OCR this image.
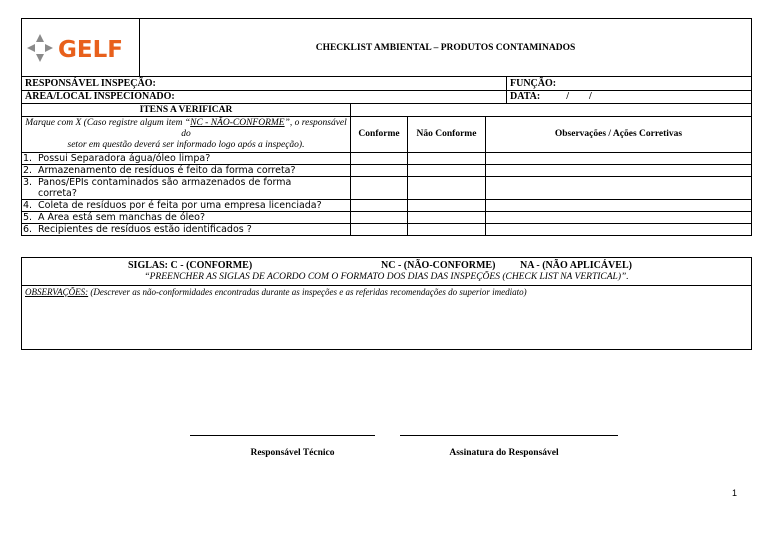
GELF	CHECKLIST AMBIENTAL – PRODUTOS CONTAMINADOS
RESPONSÁVEL INSPEÇÃO:	FUNÇÃO:
ÁREA/LOCAL INSPECIONADO:	DATA: / /
ITENS A VERIFICAR			
Marque com X (Caso registre algum item “NC - NÃO-CONFORME”, o responsável do
setor em questão deverá ser informado logo após a inspeção).	Conforme	Não Conforme	Observações / Ações Corretivas
1. Possui Separadora água/óleo limpa?			
2. Armazenamento de resíduos é feito da forma correta?			
3. Panos/EPIs contaminados são armazenados de forma
correta?			

4. Coleta de resíduos por é feita por uma empresa licenciada?			
5. A Área está sem manchas de óleo?			
6. Recipientes de resíduos estão identificados ?			
SIGLAS: C - (CONFORME)	NC - (NÃO-CONFORME) NA - (NÃO APLICÁVEL)
“PREENCHER AS SIGLAS DE ACORDO COM O FORMATO DOS DIAS DAS INSPEÇÕES (CHECK LIST NA VERTICAL)”.
OBSERVAÇÕES: (Descrever as não-conformidades encontradas durante as inspeções e as referidas recomendações do superior imediato)
Responsável Técnico	Assinatura do Responsável
1
